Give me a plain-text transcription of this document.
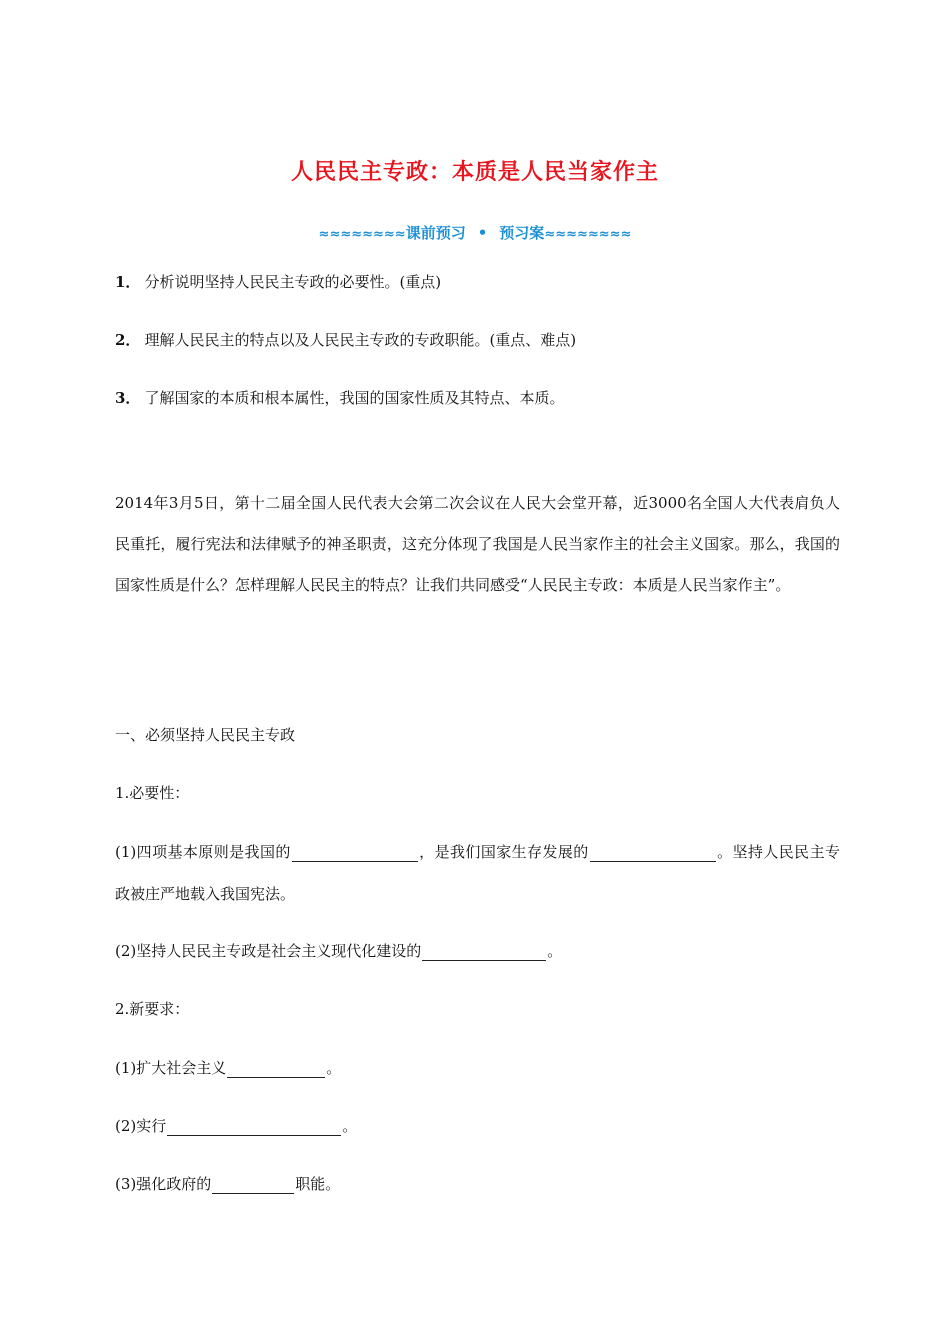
人民民主专政：本质是人民当家作主
≈≈≈≈≈≈≈≈课前预习 • 预习案≈≈≈≈≈≈≈≈
1． 分析说明坚持人民民主专政的必要性。(重点)
2． 理解人民民主的特点以及人民民主专政的专政职能。(重点、难点)
3． 了解国家的本质和根本属性，我国的国家性质及其特点、本质。
2014年3月5日，第十二届全国人民代表大会第二次会议在人民大会堂开幕，近3000名全国人大代表肩负人民重托，履行宪法和法律赋予的神圣职责，这充分体现了我国是人民当家作主的社会主义国家。那么，我国的国家性质是什么？怎样理解人民民主的特点？让我们共同感受“人民民主专政：本质是人民当家作主”。
一、必须坚持人民民主专政
1.必要性：
(1)四项基本原则是我国的	，是我们国家生存发展的	。坚持人民民主专政被庄严地载入我国宪法。
(2)坚持人民民主专政是社会主义现代化建设的	。
2.新要求：
(1)扩大社会主义	。
(2)实行	。
(3)强化政府的	职能。
